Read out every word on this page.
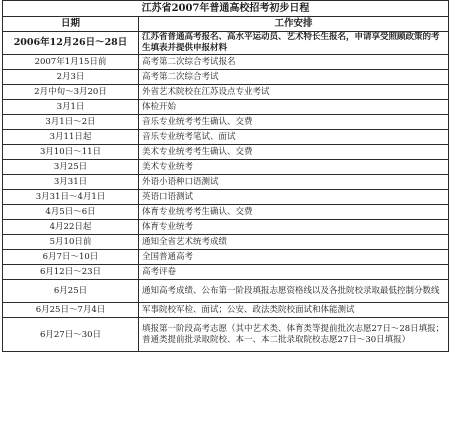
江苏省2007年普通高校招考初步日程	
日期	工作安排
2006年12月26日～28日	江苏省普通高考报名、高水平运动员、艺术特长生报名，申请享受照顾政策的考生填表并提供申报材料
2007年1月15日前	高考第二次综合考试报名
2月3日	高考第二次综合考试
2月中旬～3月20日	外省艺术院校在江苏设点专业考试
3月1日	体检开始
3月1日～2日	音乐专业统考考生确认、交费
3月11日起	音乐专业统考笔试、面试
3月10日～11日	美术专业统考考生确认、交费
3月25日	美术专业统考
3月31日	外语小语种口语测试
3月31日～4月1日	英语口语测试
4月5日～6日	体育专业统考考生确认、交费
4月22日起	体育专业统考
5月10日前	通知全省艺术统考成绩
6月7日～10日	全国普通高考
6月12日～23日	高考评卷
6月25日	通知高考成绩、公布第一阶段填报志愿资格线以及各批院校录取最低控制分数线
6月25日～7月4日	军事院校军检、面试；公安、政法类院校面试和体能测试
6月27日～30日	填报第一阶段高考志愿（其中艺术类、体育类等提前批次志愿27日～28日填报；普通类提前批录取院校、本一、本二批录取院校志愿27日～30日填报）
